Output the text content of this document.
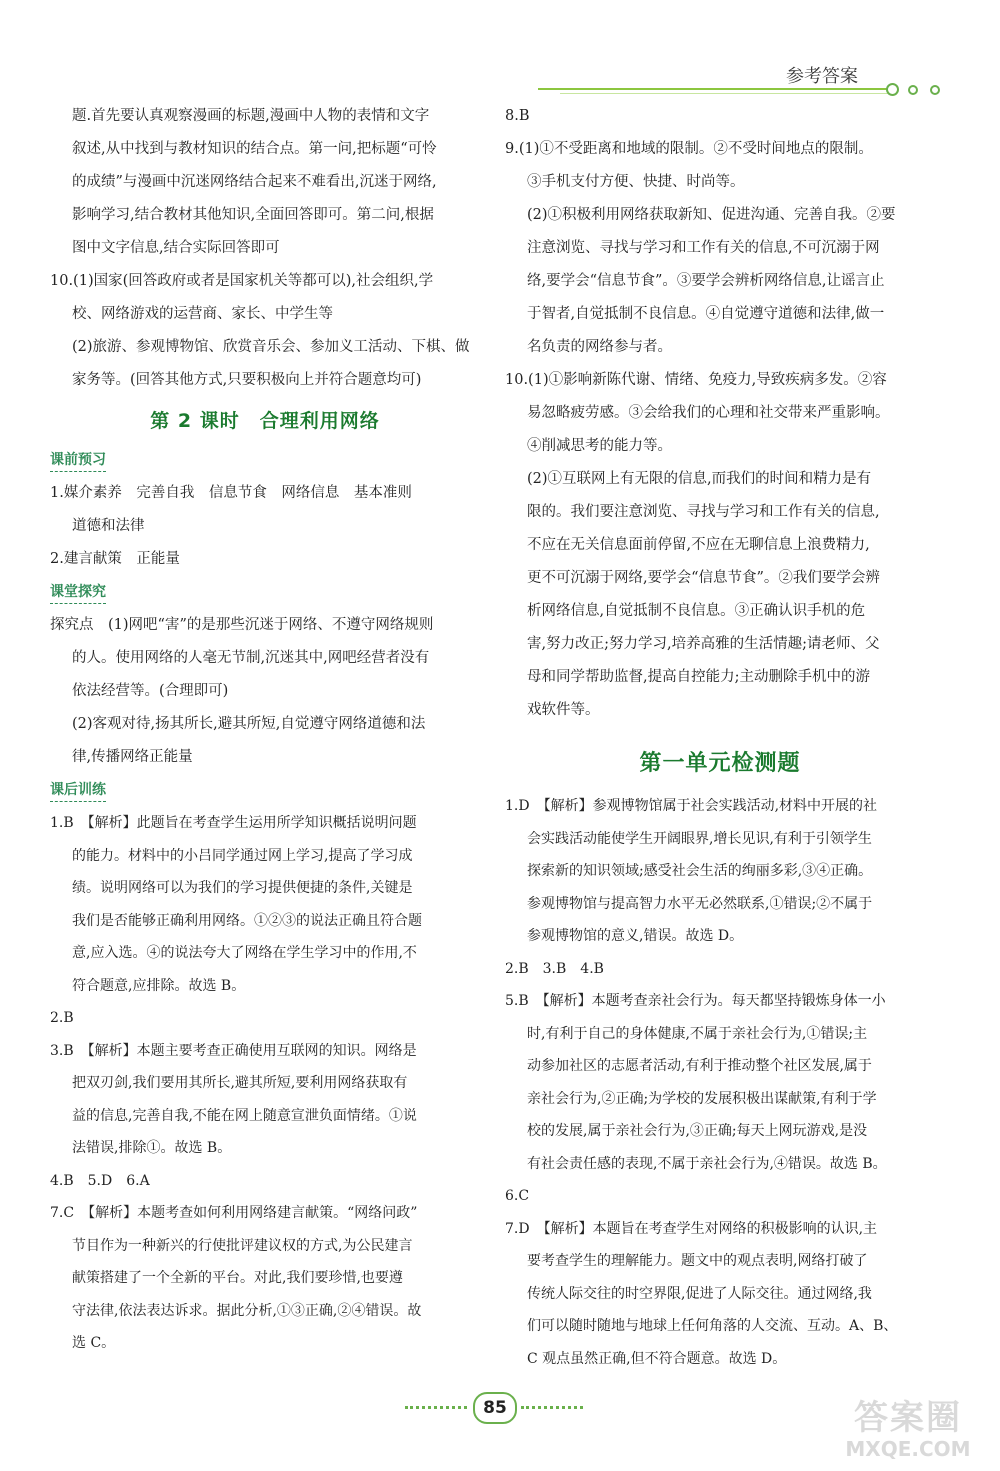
参考答案

题.首先要认真观察漫画的标题,漫画中人物的表情和文字

叙述,从中找到与教材知识的结合点。第一问,把标题“可怜

的成绩”与漫画中沉迷网络结合起来不难看出,沉迷于网络,

影响学习,结合教材其他知识,全面回答即可。第二问,根据

图中文字信息,结合实际回答即可

10.(1)国家(回答政府或者是国家机关等都可以),社会组织,学

校、网络游戏的运营商、家长、中学生等

(2)旅游、参观博物馆、欣赏音乐会、参加义工活动、下棋、做

家务等。(回答其他方式,只要积极向上并符合题意均可)

第 2 课时　合理利用网络
课前预习

1.媒介素养　完善自我　信息节食　网络信息　基本准则

道德和法律

2.建言献策　正能量

课堂探究

探究点　(1)网吧“害”的是那些沉迷于网络、不遵守网络规则

的人。使用网络的人毫无节制,沉迷其中,网吧经营者没有

依法经营等。(合理即可)

(2)客观对待,扬其所长,避其所短,自觉遵守网络道德和法

律,传播网络正能量

课后训练

1.B　【解析】此题旨在考查学生运用所学知识概括说明问题

的能力。材料中的小吕同学通过网上学习,提高了学习成

绩。说明网络可以为我们的学习提供便捷的条件,关键是

我们是否能够正确利用网络。①②③的说法正确且符合题

意,应入选。④的说法夸大了网络在学生学习中的作用,不

符合题意,应排除。故选 B。

2.B

3.B　【解析】本题主要考查正确使用互联网的知识。网络是

把双刃剑,我们要用其所长,避其所短,要利用网络获取有

益的信息,完善自我,不能在网上随意宣泄负面情绪。①说

法错误,排除①。故选 B。

4.B　5.D　6.A

7.C　【解析】本题考查如何利用网络建言献策。“网络问政”

节目作为一种新兴的行使批评建议权的方式,为公民建言

献策搭建了一个全新的平台。对此,我们要珍惜,也要遵

守法律,依法表达诉求。据此分析,①③正确,②④错误。故

选 C。

8.B

9.(1)①不受距离和地域的限制。②不受时间地点的限制。

③手机支付方便、快捷、时尚等。

(2)①积极利用网络获取新知、促进沟通、完善自我。②要

注意浏览、寻找与学习和工作有关的信息,不可沉溺于网

络,要学会“信息节食”。③要学会辨析网络信息,让谣言止

于智者,自觉抵制不良信息。④自觉遵守道德和法律,做一

名负责的网络参与者。

10.(1)①影响新陈代谢、情绪、免疫力,导致疾病多发。②容

易忽略疲劳感。③会给我们的心理和社交带来严重影响。

④削减思考的能力等。

(2)①互联网上有无限的信息,而我们的时间和精力是有

限的。我们要注意浏览、寻找与学习和工作有关的信息,

不应在无关信息面前停留,不应在无聊信息上浪费精力,

更不可沉溺于网络,要学会“信息节食”。②我们要学会辨

析网络信息,自觉抵制不良信息。③正确认识手机的危

害,努力改正;努力学习,培养高雅的生活情趣;请老师、父

母和同学帮助监督,提高自控能力;主动删除手机中的游

戏软件等。

第一单元检测题

1.D　【解析】参观博物馆属于社会实践活动,材料中开展的社

会实践活动能使学生开阔眼界,增长见识,有利于引领学生

探索新的知识领域;感受社会生活的绚丽多彩,③④正确。

参观博物馆与提高智力水平无必然联系,①错误;②不属于

参观博物馆的意义,错误。故选 D。

2.B　3.B　4.B

5.B　【解析】本题考查亲社会行为。每天都坚持锻炼身体一小

时,有利于自己的身体健康,不属于亲社会行为,①错误;主

动参加社区的志愿者活动,有利于推动整个社区发展,属于

亲社会行为,②正确;为学校的发展积极出谋献策,有利于学

校的发展,属于亲社会行为,③正确;每天上网玩游戏,是没

有社会责任感的表现,不属于亲社会行为,④错误。故选 B。

6.C

7.D　【解析】本题旨在考查学生对网络的积极影响的认识,主

要考查学生的理解能力。题文中的观点表明,网络打破了

传统人际交往的时空界限,促进了人际交往。通过网络,我

们可以随时随地与地球上任何角落的人交流、互动。A、B、

C 观点虽然正确,但不符合题意。故选 D。

85	答案圈
MXQE.COM
